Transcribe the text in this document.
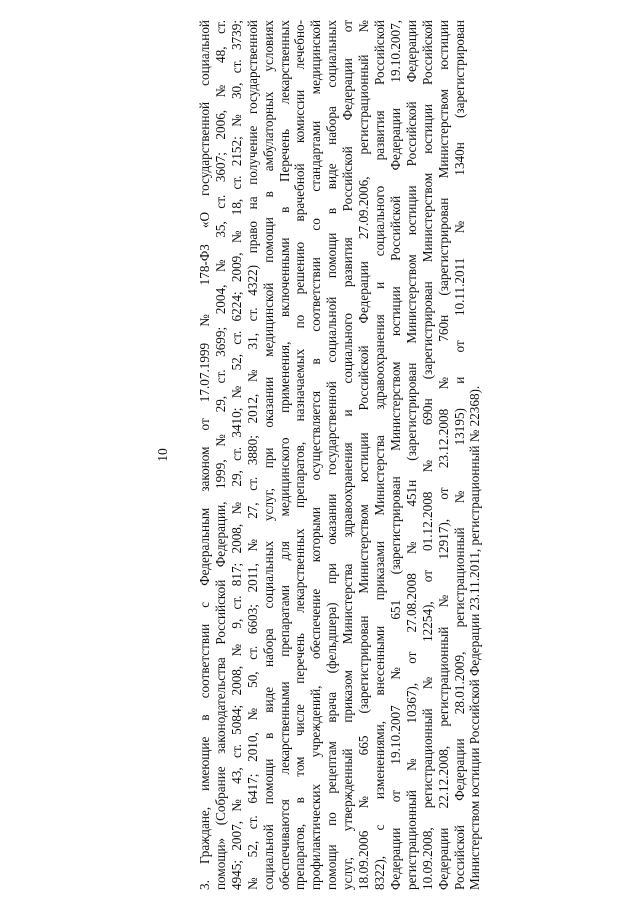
10 3. Граждане, имеющие в соответствии с Федеральным законом от 17.07.1999 № 178-ФЗ «О государственной социальной помощи» (Собрание законодательства Российской Федерации, 1999, № 29, ст. 3699; 2004, № 35, ст. 3607; 2006, № 48, ст. 4945; 2007, № 43, ст. 5084; 2008, № 9, ст. 817; 2008, № 29, ст. 3410; № 52, ст. 6224; 2009, № 18, ст. 2152; № 30, ст. 3739; № 52, ст. 6417; 2010, № 50, ст. 6603; 2011, № 27, ст. 3880; 2012, № 31, ст. 4322) право на получение государственной социальной помощи в виде набора социальных услуг, при оказании медицинской помощи в амбулаторных условиях обеспечиваются лекарственными препаратами для медицинского применения, включенными в Перечень лекарственных препаратов, в том числе перечень лекарственных препаратов, назначаемых по решению врачебной комиссии лечебно- профилактических учреждений, обеспечение которыми осуществляется в соответствии со стандартами медицинской помощи по рецептам врача (фельдшера) при оказании государственной социальной помощи в виде набора социальных услуг, утвержденный приказом Министерства здравоохранения и социального развития Российской Федерации от 18.09.2006 № 665 (зарегистрирован Министерством юстиции Российской Федерации 27.09.2006, регистрационный № 8322), с изменениями, внесенными приказами Министерства здравоохранения и социального развития Российской Федерации от 19.10.2007 № 651 (зарегистрирован Министерством юстиции Российской Федерации 19.10.2007, регистрационный № 10367), от 27.08.2008 № 451н (зарегистрирован Министерством юстиции Российской Федерации 10.09.2008, регистрационный № 12254), от 01.12.2008 № 690н (зарегистрирован Министерством юстиции Российской Федерации 22.12.2008, регистрационный № 12917), от 23.12.2008 № 760н (зарегистрирован Министерством юстиции Российской Федерации 28.01.2009, регистрационный № 13195) и от 10.11.2011 № 1340н (зарегистрирован Министерством юстиции Российской Федерации 23.11.2011, регистрационный № 22368).
